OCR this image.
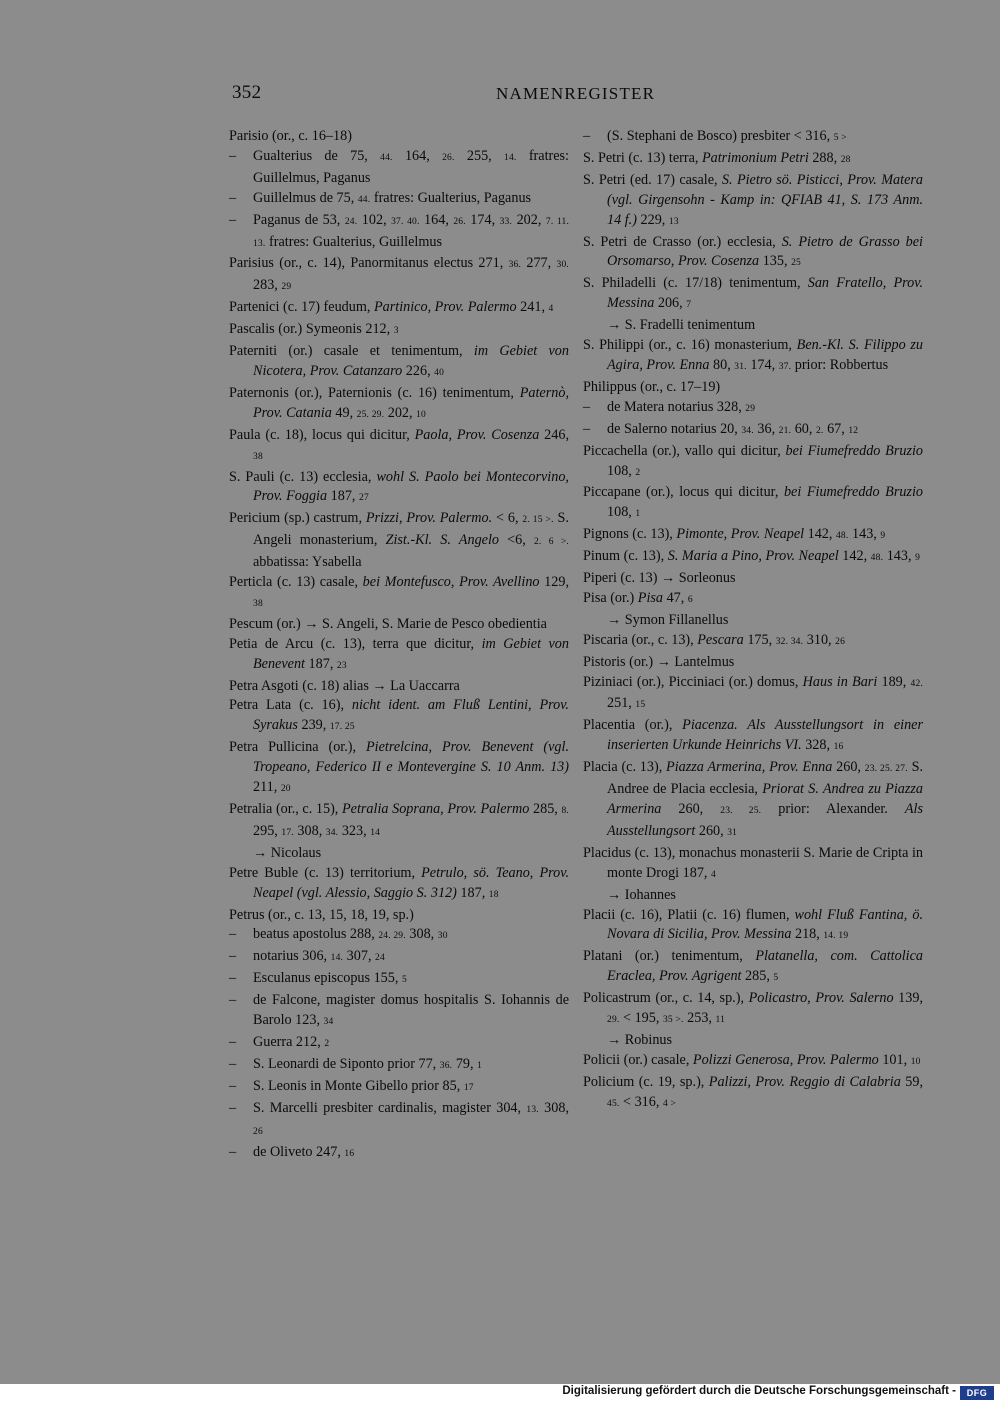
352	NAMENREGISTER
Parisio (or., c. 16–18)
– Gualterius de 75, 44. 164, 26. 255, 14. fratres: Guillelmus, Paganus
– Guillelmus de 75, 44. fratres: Gualterius, Paganus
– Paganus de 53, 24. 102, 37. 40. 164, 26. 174, 33. 202, 7. 11. 13. fratres: Gualterius, Guillelmus
Parisius (or., c. 14), Panormitanus electus 271, 36. 277, 30. 283, 29
Partenici (c. 17) feudum, Partinico, Prov. Palermo 241, 4
Pascalis (or.) Symeonis 212, 3
Paterniti (or.) casale et tenimentum, im Gebiet von Nicotera, Prov. Catanzaro 226, 40
Paternonis (or.), Paternionis (c. 16) tenimentum, Paternò, Prov. Catania 49, 25. 29. 202, 10
Paula (c. 18), locus qui dicitur, Paola, Prov. Cosenza 246, 38
S. Pauli (c. 13) ecclesia, wohl S. Paolo bei Montecorvino, Prov. Foggia 187, 27
Pericium (sp.) castrum, Prizzi, Prov. Palermo. < 6, 2. 15 >. S. Angeli monasterium, Zist.-Kl. S. Angelo <6, 2. 6 >. abbatissa: Ysabella
Perticla (c. 13) casale, bei Montefusco, Prov. Avellino 129, 38
Pescum (or.) → S. Angeli, S. Marie de Pesco obedientia
Petia de Arcu (c. 13), terra que dicitur, im Gebiet von Benevent 187, 23
Petra Asgoti (c. 18) alias → La Uaccarra
Petra Lata (c. 16), nicht ident. am Fluß Lentini, Prov. Syrakus 239, 17. 25
Petra Pullicina (or.), Pietrelcina, Prov. Benevent (vgl. Tropeano, Federico II e Montevergine S. 10 Anm. 13) 211, 20
Petralia (or., c. 15), Petralia Soprana, Prov. Palermo 285, 8. 295, 17. 308, 34. 323, 14
→ Nicolaus
Petre Buble (c. 13) territorium, Petrulo, sö. Teano, Prov. Neapel (vgl. Alessio, Saggio S. 312) 187, 18
Petrus (or., c. 13, 15, 18, 19, sp.)
– beatus apostolus 288, 24. 29. 308, 30
– notarius 306, 14. 307, 24
– Esculanus episcopus 155, 5
– de Falcone, magister domus hospitalis S. Iohannis de Barolo 123, 34
– Guerra 212, 2
– S. Leonardi de Siponto prior 77, 36. 79, 1
– S. Leonis in Monte Gibello prior 85, 17
– S. Marcelli presbiter cardinalis, magister 304, 13. 308, 26
– de Oliveto 247, 16
– (S. Stephani de Bosco) presbiter < 316, 5 >
S. Petri (c. 13) terra, Patrimonium Petri 288, 28
S. Petri (ed. 17) casale, S. Pietro sö. Pisticci, Prov. Matera (vgl. Girgensohn - Kamp in: QFIAB 41, S. 173 Anm. 14 f.) 229, 13
S. Petri de Crasso (or.) ecclesia, S. Pietro de Grasso bei Orsomarso, Prov. Cosenza 135, 25
S. Philadelli (c. 17/18) tenimentum, San Fratello, Prov. Messina 206, 7
→ S. Fradelli tenimentum
S. Philippi (or., c. 16) monasterium, Ben.-Kl. S. Filippo zu Agira, Prov. Enna 80, 31. 174, 37. prior: Robbertus
Philippus (or., c. 17–19)
– de Matera notarius 328, 29
– de Salerno notarius 20, 34. 36, 21. 60, 2. 67, 12
Piccachella (or.), vallo qui dicitur, bei Fiumefreddo Bruzio 108, 2
Piccapane (or.), locus qui dicitur, bei Fiumefreddo Bruzio 108, 1
Pignons (c. 13), Pimonte, Prov. Neapel 142, 48. 143, 9
Pinum (c. 13), S. Maria a Pino, Prov. Neapel 142, 48. 143, 9
Piperi (c. 13) → Sorleonus
Pisa (or.) Pisa 47, 6
→ Symon Fillanellus
Piscaria (or., c. 13), Pescara 175, 32. 34. 310, 26
Pistoris (or.) → Lantelmus
Piziniaci (or.), Picciniaci (or.) domus, Haus in Bari 189, 42. 251, 15
Placentia (or.), Piacenza. Als Ausstellungsort in einer inserierten Urkunde Heinrichs VI. 328, 16
Placia (c. 13), Piazza Armerina, Prov. Enna 260, 23. 25. 27. S. Andree de Placia ecclesia, Priorat S. Andrea zu Piazza Armerina 260, 23. 25. prior: Alexander. Als Ausstellungsort 260, 31
Placidus (c. 13), monachus monasterii S. Marie de Cripta in monte Drogi 187, 4
→ Iohannes
Placii (c. 16), Platii (c. 16) flumen, wohl Fluß Fantina, ö. Novara di Sicilia, Prov. Messina 218, 14. 19
Platani (or.) tenimentum, Platanella, com. Cattolica Eraclea, Prov. Agrigent 285, 5
Policastrum (or., c. 14, sp.), Policastro, Prov. Salerno 139, 29. < 195, 35 >. 253, 11
→ Robinus
Policii (or.) casale, Polizzi Generosa, Prov. Palermo 101, 10
Policium (c. 19, sp.), Palizzi, Prov. Reggio di Calabria 59, 45. < 316, 4 >
Digitalisierung gefördert durch die Deutsche Forschungsgemeinschaft -	DFG
